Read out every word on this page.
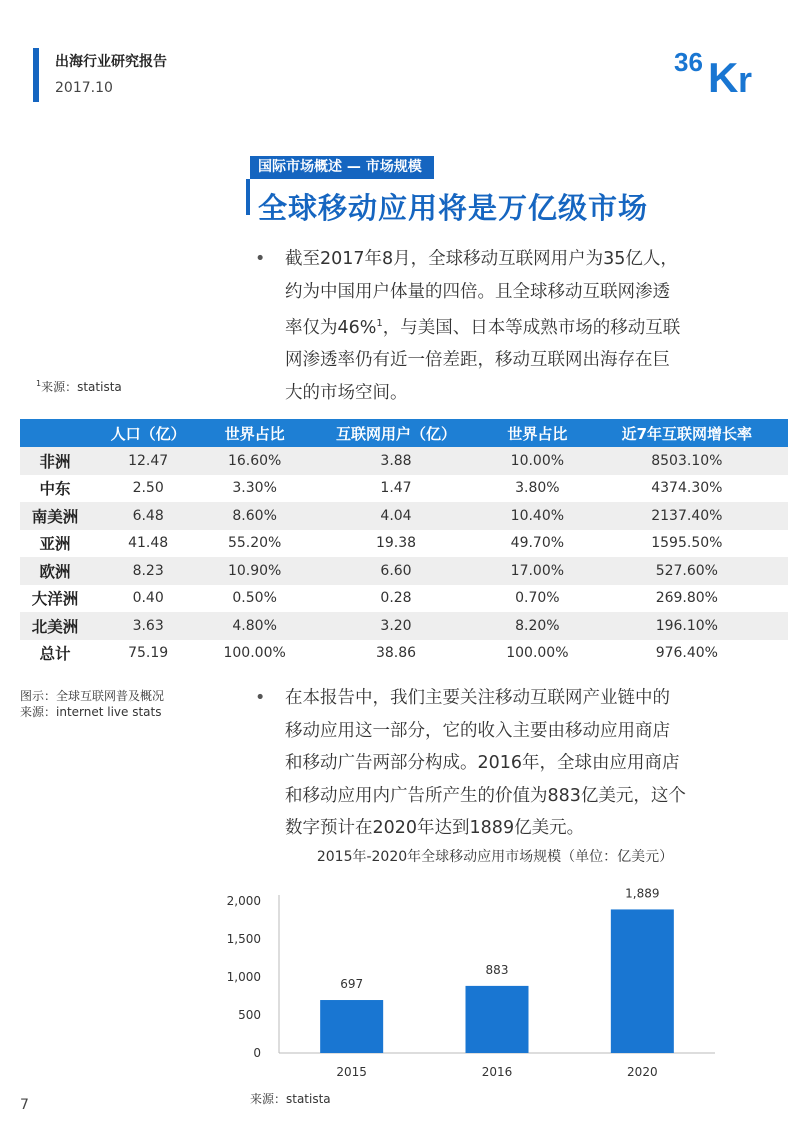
出海行业研究报告
2017.10
36 K r
国际市场概述 — 市场规模
全球移动应用将是万亿级市场
• 截至2017年8月，全球移动互联网用户为35亿人，
约为中国用户体量的四倍。且全球移动互联网渗透
率仅为46%$^1$，与美国、日本等成熟市场的移动互联
网渗透率仍有近一倍差距，移动互联网出海存在巨
大的市场空间。
$^1$来源：statista
	人口（亿）	世界占比	互联网用户（亿）	世界占比	近7年互联网增长率
非洲	12.47	16.60%	3.88	10.00%	8503.10%
中东	2.50	3.30%	1.47	3.80%	4374.30%
南美洲	6.48	8.60%	4.04	10.40%	2137.40%
亚洲	41.48	55.20%	19.38	49.70%	1595.50%
欧洲	8.23	10.90%	6.60	17.00%	527.60%
大洋洲	0.40	0.50%	0.28	0.70%	269.80%
北美洲	3.63	4.80%	3.20	8.20%	196.10%
总计	75.19	100.00%	38.86	100.00%	976.40%
图示：全球互联网普及概况
来源：internet live stats
• 在本报告中，我们主要关注移动互联网产业链中的
移动应用这一部分，它的收入主要由移动应用商店
和移动广告两部分构成。2016年，全球由应用商店
和移动应用内广告所产生的价值为883亿美元，这个
数字预计在2020年达到1889亿美元。
2015年-2020年全球移动应用市场规模（单位：亿美元）
0
500
1,000
1,500
2,000
697
2015
883
2016
1,889
2020
来源：statista
7
